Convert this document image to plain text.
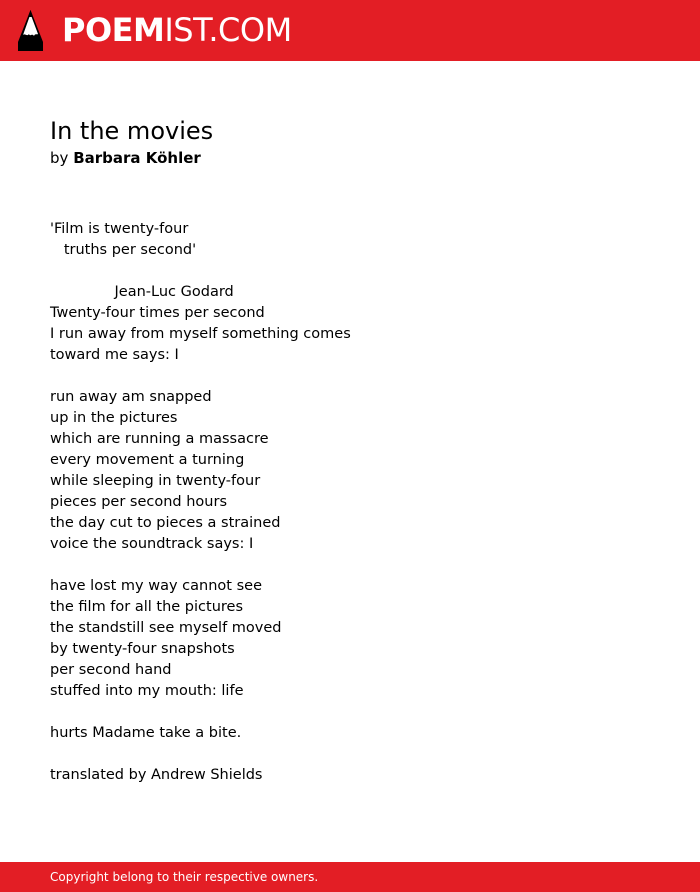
POEMIST.COM
In the movies
by Barbara Köhler
'Film is twenty-four
truths per second'
Jean-Luc Godard
Twenty-four times per second
I run away from myself something comes
toward me says: I
run away am snapped
up in the pictures
which are running a massacre
every movement a turning
while sleeping in twenty-four
pieces per second hours
the day cut to pieces a strained
voice the soundtrack says: I
have lost my way cannot see
the film for all the pictures
the standstill see myself moved
by twenty-four snapshots
per second hand
stuffed into my mouth: life
hurts Madame take a bite.
translated by Andrew Shields
Copyright belong to their respective owners.
